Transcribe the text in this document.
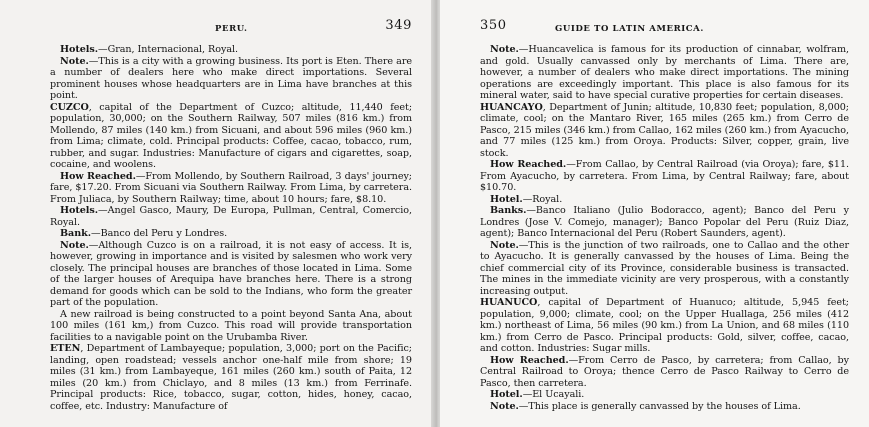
PERU.	349

Hotels.—Gran, Internacional, Royal.

Note.—This is a city with a growing business. Its port is Eten. There are a number of dealers here who make direct importations. Several prominent houses whose headquarters are in Lima have branches at this point.

CUZCO, capital of the Department of Cuzco; altitude, 11,440 feet; population, 30,000; on the Southern Railway, 507 miles (816 km.) from Mollendo, 87 miles (140 km.) from Sicuani, and about 596 miles (960 km.) from Lima; climate, cold. Principal products: Coffee, cacao, tobacco, rum, rubber, and sugar. Industries: Manufacture of cigars and cigarettes, soap, cocaine, and woolens.

How Reached.—From Mollendo, by Southern Railroad, 3 days' journey; fare, $17.20. From Sicuani via Southern Railway. From Lima, by carretera. From Juliaca, by Southern Railway; time, about 10 hours; fare, $8.10.

Hotels.—Angel Gasco, Maury, De Europa, Pullman, Central, Comercio, Royal.

Bank.—Banco del Peru y Londres.

Note.—Although Cuzco is on a railroad, it is not easy of access. It is, however, growing in importance and is visited by salesmen who work very closely. The principal houses are branches of those located in Lima. Some of the larger houses of Arequipa have branches here. There is a strong demand for goods which can be sold to the Indians, who form the greater part of the population.

A new railroad is being constructed to a point beyond Santa Ana, about 100 miles (161 km,) from Cuzco. This road will provide transportation facilities to a navigable point on the Urubamba River.

ETEN, Department of Lambayeque; population, 3,000; port on the Pacific; landing, open roadstead; vessels anchor one-half mile from shore; 19 miles (31 km.) from Lambayeque, 161 miles (260 km.) south of Paita, 12 miles (20 km.) from Chiclayo, and 8 miles (13 km.) from Ferrinafe. Principal products: Rice, tobacco, sugar, cotton, hides, honey, cacao, coffee, etc. Industry: Manufacture of

350	GUIDE TO LATIN AMERICA.

Note.—Huancavelica is famous for its production of cinnabar, wolfram, and gold. Usually canvassed only by merchants of Lima. There are, however, a number of dealers who make direct importations. The mining operations are exceedingly important. This place is also famous for its mineral water, said to have special curative properties for certain diseases.

HUANCAYO, Department of Junin; altitude, 10,830 feet; population, 8,000; climate, cool; on the Mantaro River, 165 miles (265 km.) from Cerro de Pasco, 215 miles (346 km.) from Callao, 162 miles (260 km.) from Ayacucho, and 77 miles (125 km.) from Oroya. Products: Silver, copper, grain, live stock.

How Reached.—From Callao, by Central Railroad (via Oroya); fare, $11. From Ayacucho, by carretera. From Lima, by Central Railway; fare, about $10.70.

Hotel.—Royal.

Banks.—Banco Italiano (Julio Bodoracco, agent); Banco del Peru y Londres (Jose V. Comejo, manager); Banco Popolar del Peru (Ruiz Diaz, agent); Banco Internacional del Peru (Robert Saunders, agent).

Note.—This is the junction of two railroads, one to Callao and the other to Ayacucho. It is generally canvassed by the houses of Lima. Being the chief commercial city of its Province, considerable business is transacted. The mines in the immediate vicinity are very prosperous, with a constantly increasing output.

HUANUCO, capital of Department of Huanuco; altitude, 5,945 feet; population, 9,000; climate, cool; on the Upper Huallaga, 256 miles (412 km.) northeast of Lima, 56 miles (90 km.) from La Union, and 68 miles (110 km.) from Cerro de Pasco. Principal products: Gold, silver, coffee, cacao, and cotton. Industries: Sugar mills.

How Reached.—From Cerro de Pasco, by carretera; from Callao, by Central Railroad to Oroya; thence Cerro de Pasco Railway to Cerro de Pasco, then carretera.

Hotel.—El Ucayali.

Note.—This place is generally canvassed by the houses of Lima.
